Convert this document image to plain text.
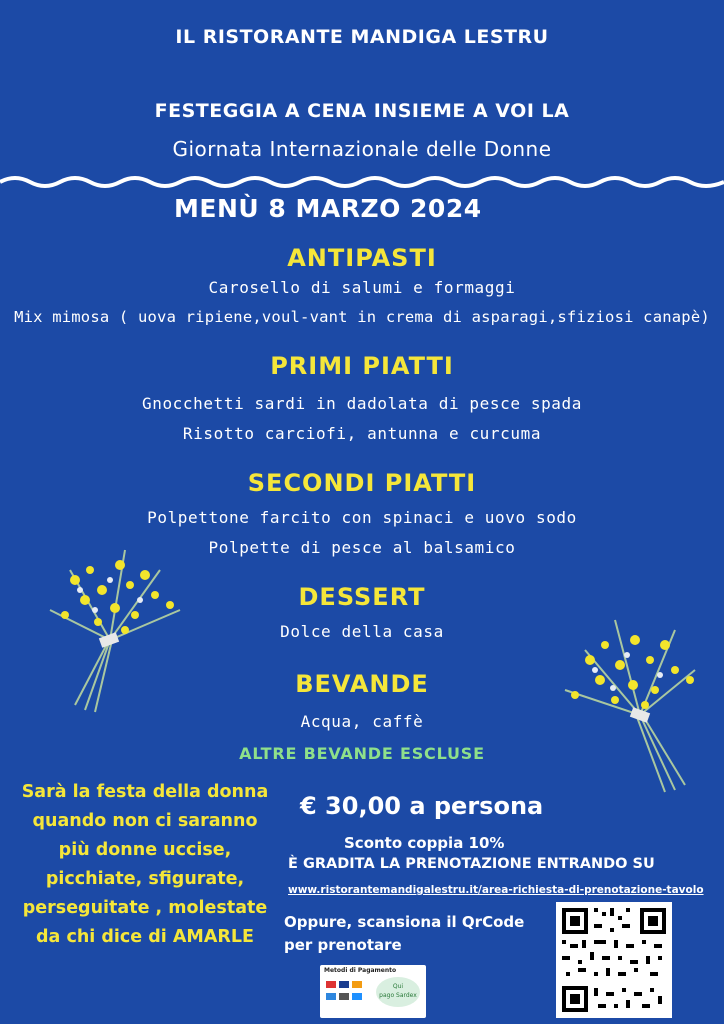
IL RISTORANTE MANDIGA LESTRU
FESTEGGIA A CENA INSIEME A VOI LA
Giornata Internazionale delle Donne
MENÙ 8 MARZO 2024
ANTIPASTI
Carosello di salumi e formaggi
Mix mimosa ( uova ripiene,voul-vant in crema di asparagi,sfiziosi canapè)
PRIMI PIATTI
Gnocchetti sardi in dadolata di pesce spada
Risotto carciofi, antunna e curcuma
SECONDI PIATTI
Polpettone farcito con spinaci e uovo sodo
Polpette di pesce al balsamico
DESSERT
Dolce della casa
BEVANDE
Acqua, caffè
ALTRE BEVANDE ESCLUSE
Sarà la festa della donna
quando non ci saranno
più donne uccise,
picchiate, sfigurate,
perseguitate , molestate
da chi dice di AMARLE
€ 30,00 a persona
Sconto coppia 10%
È GRADITA LA PRENOTAZIONE ENTRANDO SU
www.ristorantemandigalestru.it/area-richiesta-di-prenotazione-tavolo
Oppure, scansiona il QrCode
per prenotare
Metodi di Pagamento
Qui
pago Sardex
